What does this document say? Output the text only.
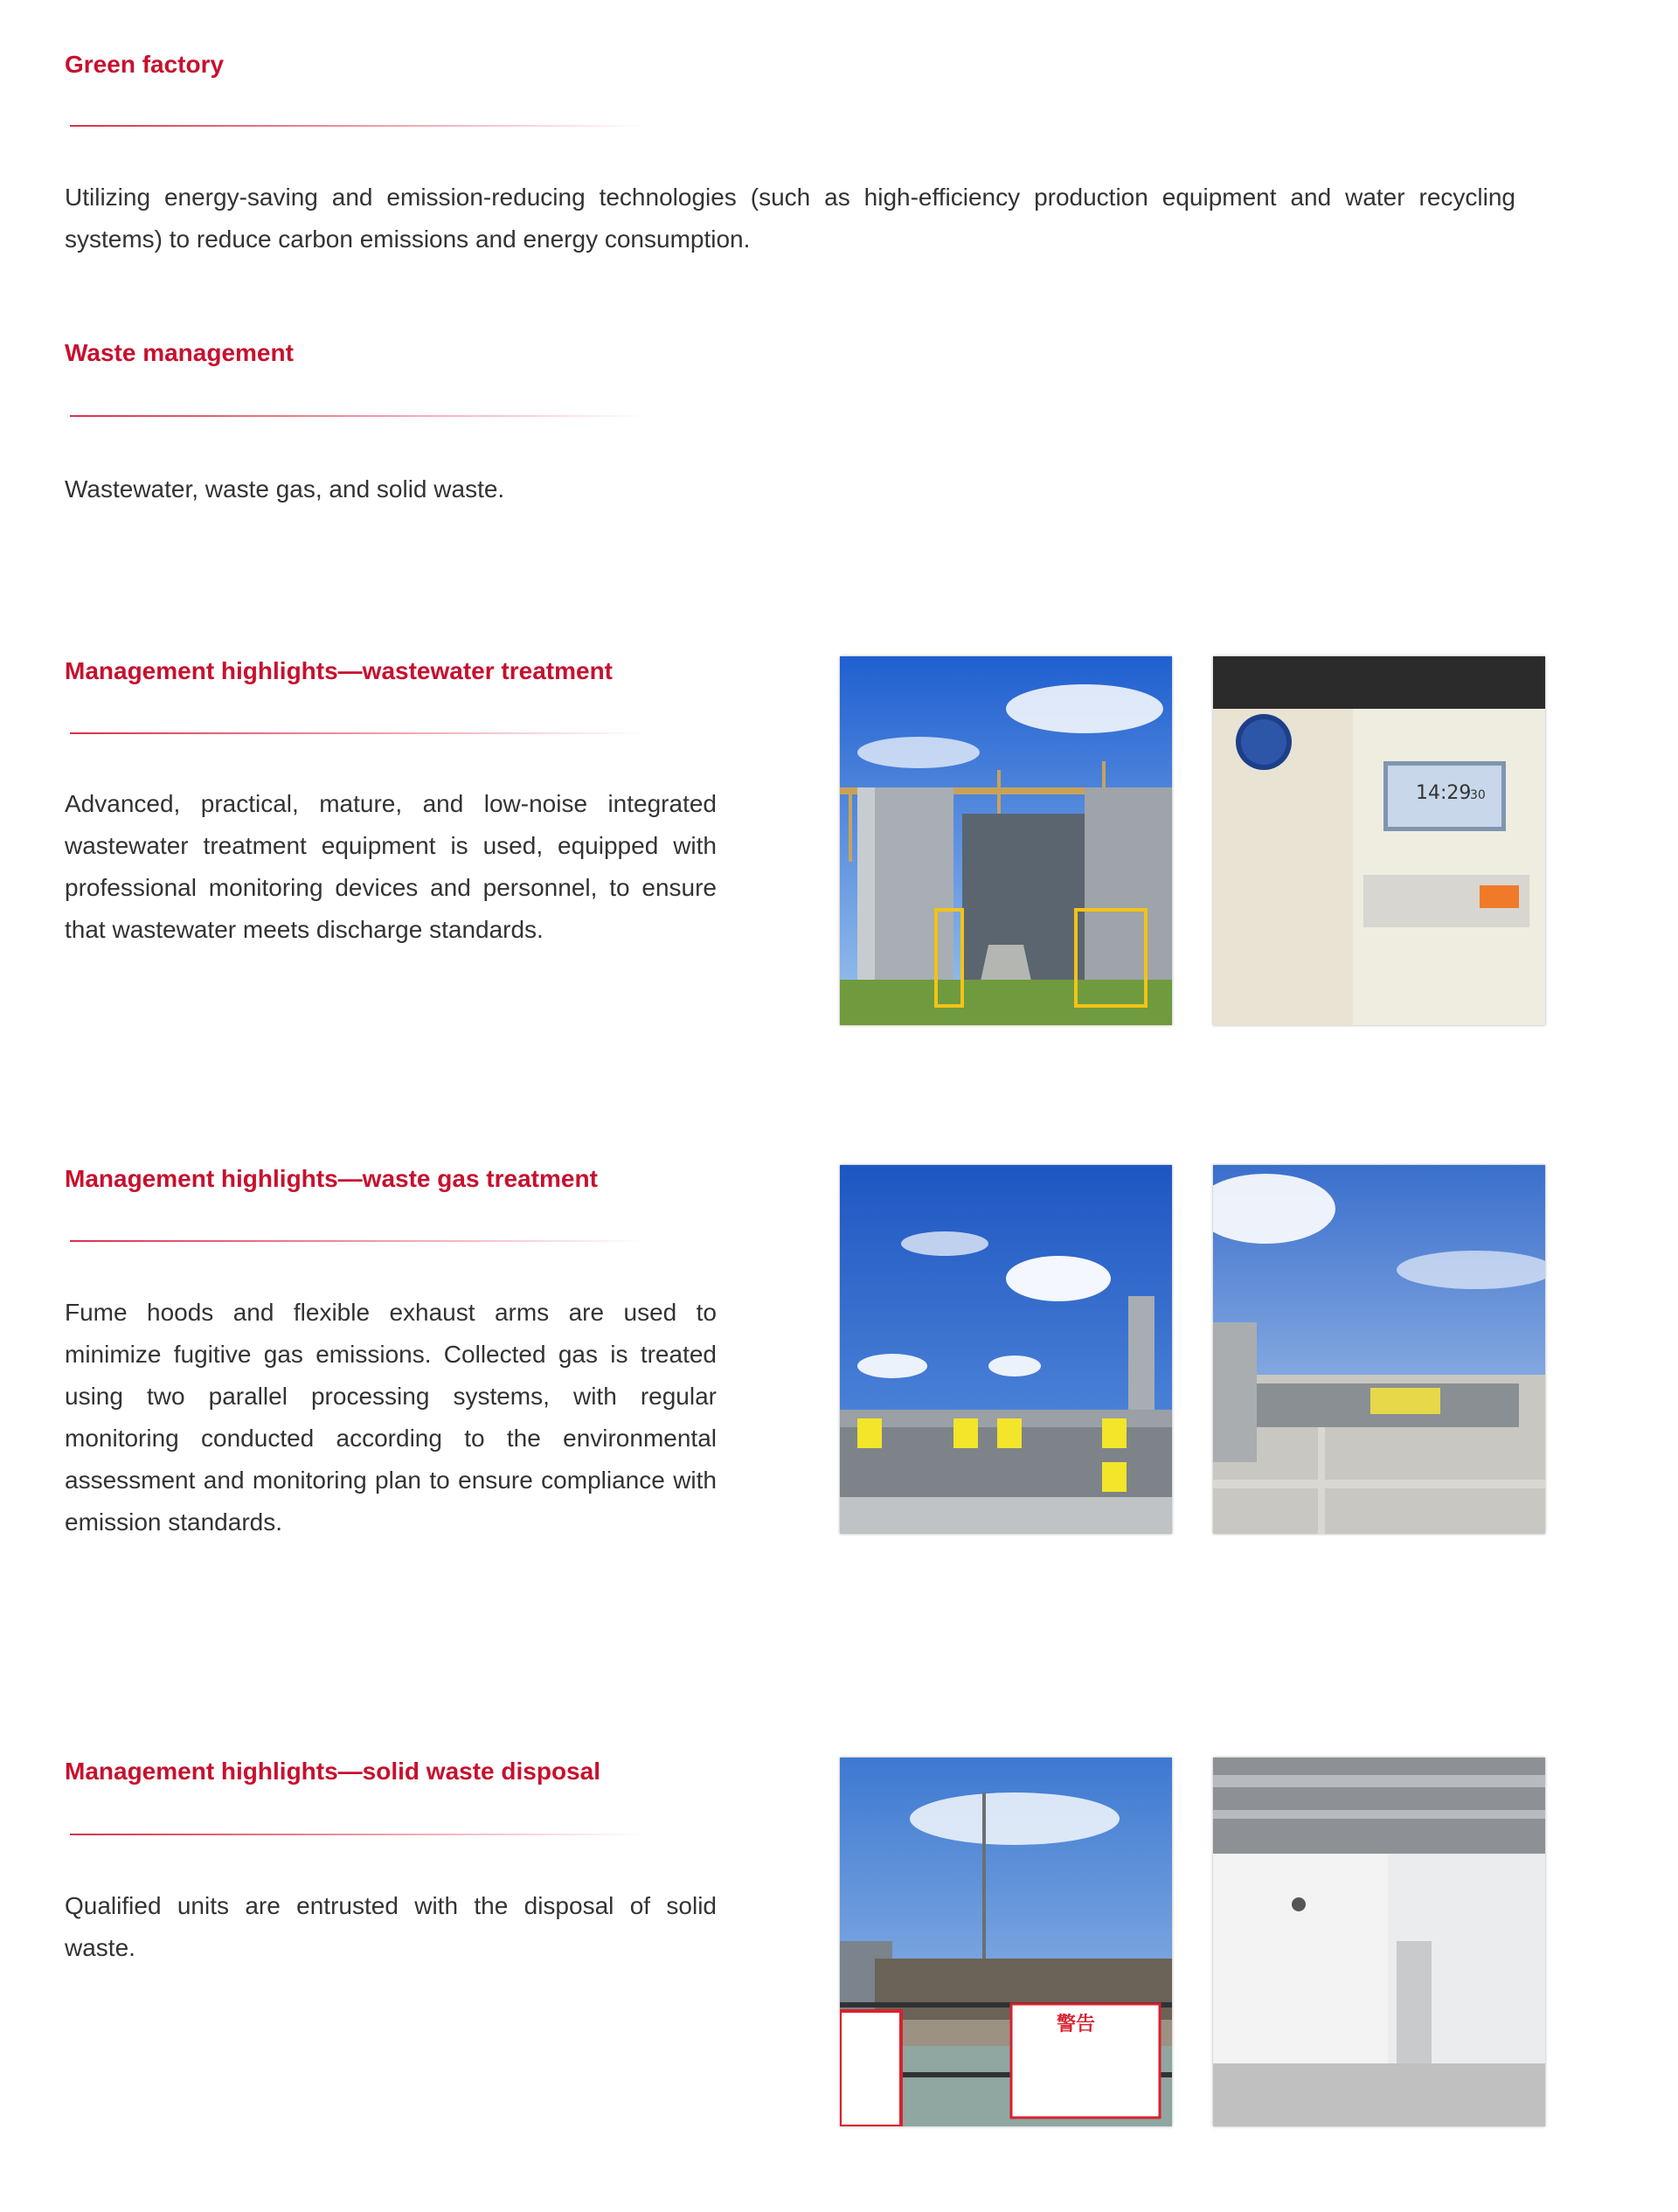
Green factory

Utilizing energy-saving and emission-reducing technologies (such as high-efficiency production equipment and water recycling systems) to reduce carbon emissions and energy consumption.

Waste management

Wastewater, waste gas, and solid waste.

Management highlights—wastewater treatment

Advanced, practical, mature, and low-noise integrated wastewater treatment equipment is used, equipped with professional monitoring devices and personnel, to ensure that wastewater meets discharge standards.

14:29
30
Management highlights—waste gas treatment

Fume hoods and flexible exhaust arms are used to minimize fugitive gas emissions. Collected gas is treated using two parallel processing systems, with regular monitoring conducted according to the environmental assessment and monitoring plan to ensure compliance with emission standards.

Management highlights—solid waste disposal

Qualified units are entrusted with the disposal of solid waste.

警告
